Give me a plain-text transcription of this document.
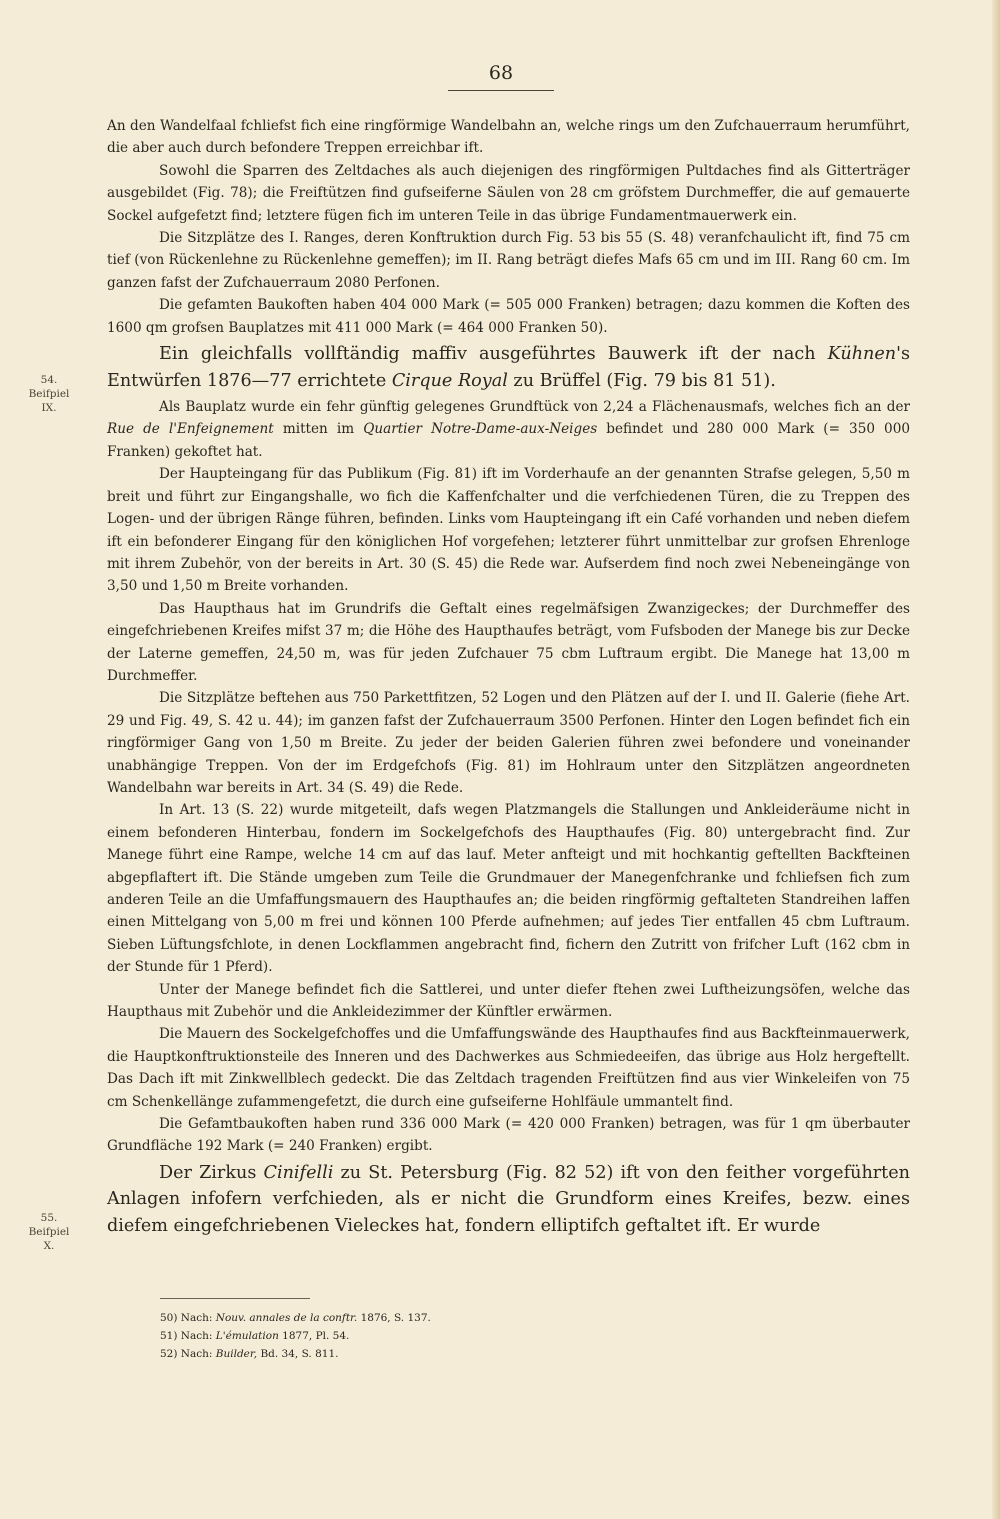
68
54.
Beifpiel
IX.
55.
Beifpiel
X.

An den Wandelfaal fchliefst fich eine ringförmige Wandelbahn an, welche rings um den Zufchauerraum herumführt, die aber auch durch befondere Treppen erreichbar ift.

Sowohl die Sparren des Zeltdaches als auch diejenigen des ringförmigen Pultdaches find als Gitterträger ausgebildet (Fig. 78); die Freiftützen find gufseiferne Säulen von 28 cm gröfstem Durchmeffer, die auf gemauerte Sockel aufgefetzt find; letztere fügen fich im unteren Teile in das übrige Fundamentmauerwerk ein.

Die Sitzplätze des I. Ranges, deren Konftruktion durch Fig. 53 bis 55 (S. 48) veranfchaulicht ift, find 75 cm tief (von Rückenlehne zu Rückenlehne gemeffen); im II. Rang beträgt diefes Mafs 65 cm und im III. Rang 60 cm. Im ganzen fafst der Zufchauerraum 2080 Perfonen.

Die gefamten Baukoften haben 404 000 Mark (= 505 000 Franken) betragen; dazu kommen die Koften des 1600 qm grofsen Bauplatzes mit 411 000 Mark (= 464 000 Franken 50).

Ein gleichfalls vollftändig maffiv ausgeführtes Bauwerk ift der nach Kühnen's Entwürfen 1876—77 errichtete Cirque Royal zu Brüffel (Fig. 79 bis 81 51).

Als Bauplatz wurde ein fehr günftig gelegenes Grundftück von 2,24 a Flächenausmafs, welches fich an der Rue de l'Enfeignement mitten im Quartier Notre-Dame-aux-Neiges befindet und 280 000 Mark (= 350 000 Franken) gekoftet hat.

Der Haupteingang für das Publikum (Fig. 81) ift im Vorderhaufe an der genannten Strafse gelegen, 5,50 m breit und führt zur Eingangshalle, wo fich die Kaffenfchalter und die verfchiedenen Türen, die zu Treppen des Logen- und der übrigen Ränge führen, befinden. Links vom Haupteingang ift ein Café vorhanden und neben diefem ift ein befonderer Eingang für den königlichen Hof vorgefehen; letzterer führt unmittelbar zur grofsen Ehrenloge mit ihrem Zubehör, von der bereits in Art. 30 (S. 45) die Rede war. Aufserdem find noch zwei Nebeneingänge von 3,50 und 1,50 m Breite vorhanden.

Das Haupthaus hat im Grundrifs die Geftalt eines regelmäfsigen Zwanzigeckes; der Durchmeffer des eingefchriebenen Kreifes mifst 37 m; die Höhe des Haupthaufes beträgt, vom Fufsboden der Manege bis zur Decke der Laterne gemeffen, 24,50 m, was für jeden Zufchauer 75 cbm Luftraum ergibt. Die Manege hat 13,00 m Durchmeffer.

Die Sitzplätze beftehen aus 750 Parkettfitzen, 52 Logen und den Plätzen auf der I. und II. Galerie (fiehe Art. 29 und Fig. 49, S. 42 u. 44); im ganzen fafst der Zufchauerraum 3500 Perfonen. Hinter den Logen befindet fich ein ringförmiger Gang von 1,50 m Breite. Zu jeder der beiden Galerien führen zwei befondere und voneinander unabhängige Treppen. Von der im Erdgefchofs (Fig. 81) im Hohlraum unter den Sitzplätzen angeordneten Wandelbahn war bereits in Art. 34 (S. 49) die Rede.

In Art. 13 (S. 22) wurde mitgeteilt, dafs wegen Platzmangels die Stallungen und Ankleideräume nicht in einem befonderen Hinterbau, fondern im Sockelgefchofs des Haupthaufes (Fig. 80) untergebracht find. Zur Manege führt eine Rampe, welche 14 cm auf das lauf. Meter anfteigt und mit hochkantig geftellten Backfteinen abgepflaftert ift. Die Stände umgeben zum Teile die Grundmauer der Manegenfchranke und fchliefsen fich zum anderen Teile an die Umfaffungsmauern des Haupthaufes an; die beiden ringförmig geftalteten Standreihen laffen einen Mittelgang von 5,00 m frei und können 100 Pferde aufnehmen; auf jedes Tier entfallen 45 cbm Luftraum. Sieben Lüftungsfchlote, in denen Lockflammen angebracht find, fichern den Zutritt von frifcher Luft (162 cbm in der Stunde für 1 Pferd).

Unter der Manege befindet fich die Sattlerei, und unter diefer ftehen zwei Luftheizungsöfen, welche das Haupthaus mit Zubehör und die Ankleidezimmer der Künftler erwärmen.

Die Mauern des Sockelgefchoffes und die Umfaffungswände des Haupthaufes find aus Backfteinmauerwerk, die Hauptkonftruktionsteile des Inneren und des Dachwerkes aus Schmiedeeifen, das übrige aus Holz hergeftellt. Das Dach ift mit Zinkwellblech gedeckt. Die das Zeltdach tragenden Freiftützen find aus vier Winkeleifen von 75 cm Schenkellänge zufammengefetzt, die durch eine gufseiferne Hohlfäule ummantelt find.

Die Gefamtbaukoften haben rund 336 000 Mark (= 420 000 Franken) betragen, was für 1 qm überbauter Grundfläche 192 Mark (= 240 Franken) ergibt.

Der Zirkus Cinifelli zu St. Petersburg (Fig. 82 52) ift von den feither vorgeführten Anlagen infofern verfchieden, als er nicht die Grundform eines Kreifes, bezw. eines diefem eingefchriebenen Vieleckes hat, fondern elliptifch geftaltet ift. Er wurde

50) Nach: Nouv. annales de la conftr. 1876, S. 137.
51) Nach: L'émulation 1877, Pl. 54.
52) Nach: Builder, Bd. 34, S. 811.
